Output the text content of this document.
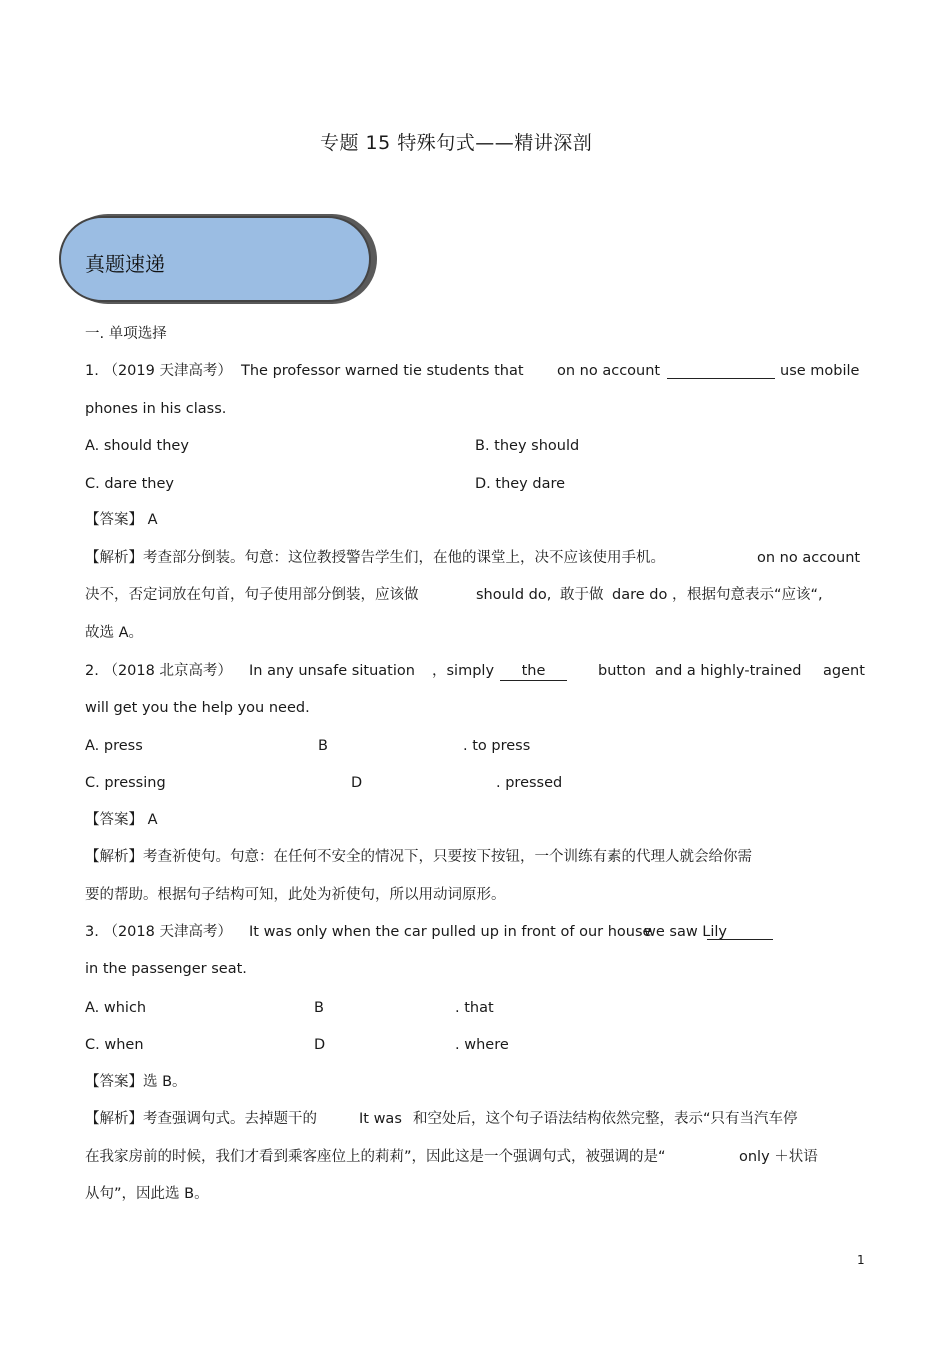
专题 15 特殊句式——精讲深剖
真题速递
一. 单项选择
1. （2019 天津高考） The professor warned tie students that on no account	use mobile
phones in his class.
A. should they	B. they should
C. dare they	D. they dare
【答案】 A
【解析】考查部分倒装。句意：这位教授警告学生们，在他的课堂上，决不应该使用手机。	on no account
决不，否定词放在句首，句子使用部分倒装，应该做	should do, 敢于做 dare do ， 根据句意表示“应该“,
故选 A。
2. （2018 北京高考） In any unsafe situation ，simply	the	button and a highly-trained agent
will get you the help you need.
A. press	B	. to press
C. pressing	D	. pressed
【答案】 A
【解析】考查祈使句。句意：在任何不安全的情况下，只要按下按钮，一个训练有素的代理人就会给你需
要的帮助。根据句子结构可知，此处为祈使句，所以用动词原形。
3. （2018 天津高考） It was only when the car pulled up in front of our house
we saw Lily
in the passenger seat.
A. which	B	. that
C. when	D	. where
【答案】选 B。
【解析】考查强调句式。去掉题干的	It was 和空处后，这个句子语法结构依然完整，表示“只有当汽车停
在我家房前的时候，我们才看到乘客座位上的莉莉”，因此这是一个强调句式，被强调的是“	only ＋状语
从句”，因此选 B。
1
